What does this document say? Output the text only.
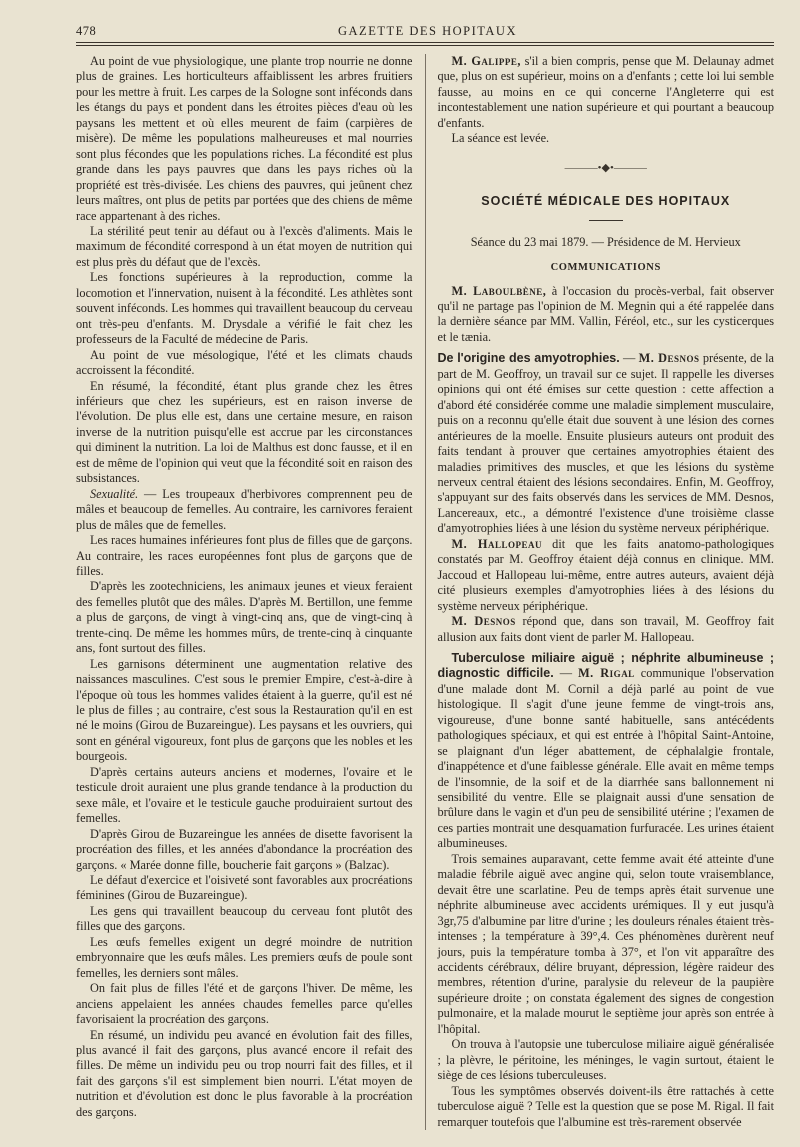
478	GAZETTE DES HOPITAUX

Au point de vue physiologique, une plante trop nourrie ne donne plus de graines. Les horticulteurs affaiblissent les arbres fruitiers pour les mettre à fruit. Les carpes de la Sologne sont inféconds dans les étangs du pays et pondent dans les étroites pièces d'eau où les paysans les mettent et où elles meurent de faim (carpières de misère). De même les populations malheureuses et mal nourries sont plus fécondes que les populations riches. La fécondité est plus grande dans les pays pauvres que dans les pays riches où la propriété est très-divisée. Les chiens des pauvres, qui jeûnent chez leurs maîtres, ont plus de petits par portées que des chiens de même race appartenant à des riches.

La stérilité peut tenir au défaut ou à l'excès d'aliments. Mais le maximum de fécondité correspond à un état moyen de nutrition qui est plus près du défaut que de l'excès.

Les fonctions supérieures à la reproduction, comme la locomotion et l'innervation, nuisent à la fécondité. Les athlètes sont souvent inféconds. Les hommes qui travaillent beaucoup du cerveau ont très-peu d'enfants. M. Drysdale a vérifié le fait chez les professeurs de la Faculté de médecine de Paris.

Au point de vue mésologique, l'été et les climats chauds accroissent la fécondité.

En résumé, la fécondité, étant plus grande chez les êtres inférieurs que chez les supérieurs, est en raison inverse de l'évolution. De plus elle est, dans une certaine mesure, en raison inverse de la nutrition puisqu'elle est accrue par les circonstances qui diminent la nutrition. La loi de Malthus est donc fausse, et il en est de même de l'opinion qui veut que la fécondité soit en raison des subsistances.

Sexualité. — Les troupeaux d'herbivores comprennent peu de mâles et beaucoup de femelles. Au contraire, les carnivores feraient plus de mâles que de femelles.

Les races humaines inférieures font plus de filles que de garçons. Au contraire, les races européennes font plus de garçons que de filles.

D'après les zootechniciens, les animaux jeunes et vieux feraient des femelles plutôt que des mâles. D'après M. Bertillon, une femme a plus de garçons, de vingt à vingt-cinq ans, que de vingt-cinq à trente-cinq. De même les hommes mûrs, de trente-cinq à cinquante ans, font surtout des filles.

Les garnisons déterminent une augmentation relative des naissances masculines. C'est sous le premier Empire, c'est-à-dire à l'époque où tous les hommes valides étaient à la guerre, qu'il est né le plus de filles ; au contraire, c'est sous la Restauration qu'il en est né le moins (Girou de Buzareingue). Les paysans et les ouvriers, qui sont en général vigoureux, font plus de garçons que les nobles et les bourgeois.

D'après certains auteurs anciens et modernes, l'ovaire et le testicule droit auraient une plus grande tendance à la production du sexe mâle, et l'ovaire et le testicule gauche produiraient surtout des femelles.

D'après Girou de Buzareingue les années de disette favorisent la procréation des filles, et les années d'abondance la procréation des garçons. « Marée donne fille, boucherie fait garçons » (Balzac).

Le défaut d'exercice et l'oisiveté sont favorables aux procréations féminines (Girou de Buzareingue).

Les gens qui travaillent beaucoup du cerveau font plutôt des filles que des garçons.

Les œufs femelles exigent un degré moindre de nutrition embryonnaire que les œufs mâles. Les premiers œufs de poule sont femelles, les derniers sont mâles.

On fait plus de filles l'été et de garçons l'hiver. De même, les anciens appelaient les années chaudes femelles parce qu'elles favorisaient la procréation des garçons.

En résumé, un individu peu avancé en évolution fait des filles, plus avancé il fait des garçons, plus avancé encore il refait des filles. De même un individu peu ou trop nourri fait des filles, et il fait des garçons s'il est simplement bien nourri. L'état moyen de nutrition et d'évolution est donc le plus favorable à la procréation des garçons.

M. Galippe, s'il a bien compris, pense que M. Delaunay admet que, plus on est supérieur, moins on a d'enfants ; cette loi lui semble fausse, au moins en ce qui concerne l'Angleterre qui est incontestablement une nation supérieure et qui pourtant a beaucoup d'enfants.

La séance est levée.

———•◆•———
SOCIÉTÉ MÉDICALE DES HOPITAUX
Séance du 23 mai 1879. — Présidence de M. Hervieux
COMMUNICATIONS

M. Laboulbène, à l'occasion du procès-verbal, fait observer qu'il ne partage pas l'opinion de M. Megnin qui a été rappelée dans la dernière séance par MM. Vallin, Féréol, etc., sur les cysticerques et le tænia.

De l'origine des amyotrophies. — M. Desnos présente, de la part de M. Geoffroy, un travail sur ce sujet. Il rappelle les diverses opinions qui ont été émises sur cette question : cette affection a d'abord été considérée comme une maladie simplement musculaire, puis on a reconnu qu'elle était due souvent à une lésion des cornes antérieures de la moelle. Ensuite plusieurs auteurs ont produit des faits tendant à prouver que certaines amyotrophies étaient des maladies primitives des muscles, et que les lésions du système nerveux central étaient des lésions secondaires. Enfin, M. Geoffroy, s'appuyant sur des faits observés dans les services de MM. Desnos, Lancereaux, etc., a démontré l'existence d'une troisième classe d'amyotrophies liées à une lésion du système nerveux périphérique.

M. Hallopeau dit que les faits anatomo-pathologiques constatés par M. Geoffroy étaient déjà connus en clinique. MM. Jaccoud et Hallopeau lui-même, entre autres auteurs, avaient déjà cité plusieurs exemples d'amyotrophies liées à des lésions du système nerveux périphérique.

M. Desnos répond que, dans son travail, M. Geoffroy fait allusion aux faits dont vient de parler M. Hallopeau.

Tuberculose miliaire aiguë ; néphrite albumineuse ; diagnostic difficile. — M. Rigal communique l'observation d'une malade dont M. Cornil a déjà parlé au point de vue histologique. Il s'agit d'une jeune femme de vingt-trois ans, vigoureuse, d'une bonne santé habituelle, sans antécédents pathologiques spéciaux, et qui est entrée à l'hôpital Saint-Antoine, se plaignant d'un léger abattement, de céphalalgie frontale, d'inappétence et d'une faiblesse générale. Elle avait en même temps de l'insomnie, de la soif et de la diarrhée sans ballonnement ni sensibilité du ventre. Elle se plaignait aussi d'une sensation de brûlure dans le vagin et d'un peu de sensibilité utérine ; l'examen de ces parties montrait une desquamation furfuracée. Les urines étaient albumineuses.

Trois semaines auparavant, cette femme avait été atteinte d'une maladie fébrile aiguë avec angine qui, selon toute vraisemblance, devait être une scarlatine. Peu de temps après était survenue une néphrite albumineuse avec accidents urémiques. Il y eut jusqu'à 3gr,75 d'albumine par litre d'urine ; les douleurs rénales étaient très-intenses ; la température à 39°,4. Ces phénomènes durèrent neuf jours, puis la température tomba à 37°, et l'on vit apparaître des accidents cérébraux, délire bruyant, dépression, légère raideur des membres, rétention d'urine, paralysie du releveur de la paupière supérieure droite ; on constata également des signes de congestion pulmonaire, et la malade mourut le septième jour après son entrée à l'hôpital.

On trouva à l'autopsie une tuberculose miliaire aiguë généralisée ; la plèvre, le péritoine, les méninges, le vagin surtout, étaient le siège de ces lésions tuberculeuses.

Tous les symptômes observés doivent-ils être rattachés à cette tuberculose aiguë ? Telle est la question que se pose M. Rigal. Il fait remarquer toutefois que l'albumine est très-rarement observée
